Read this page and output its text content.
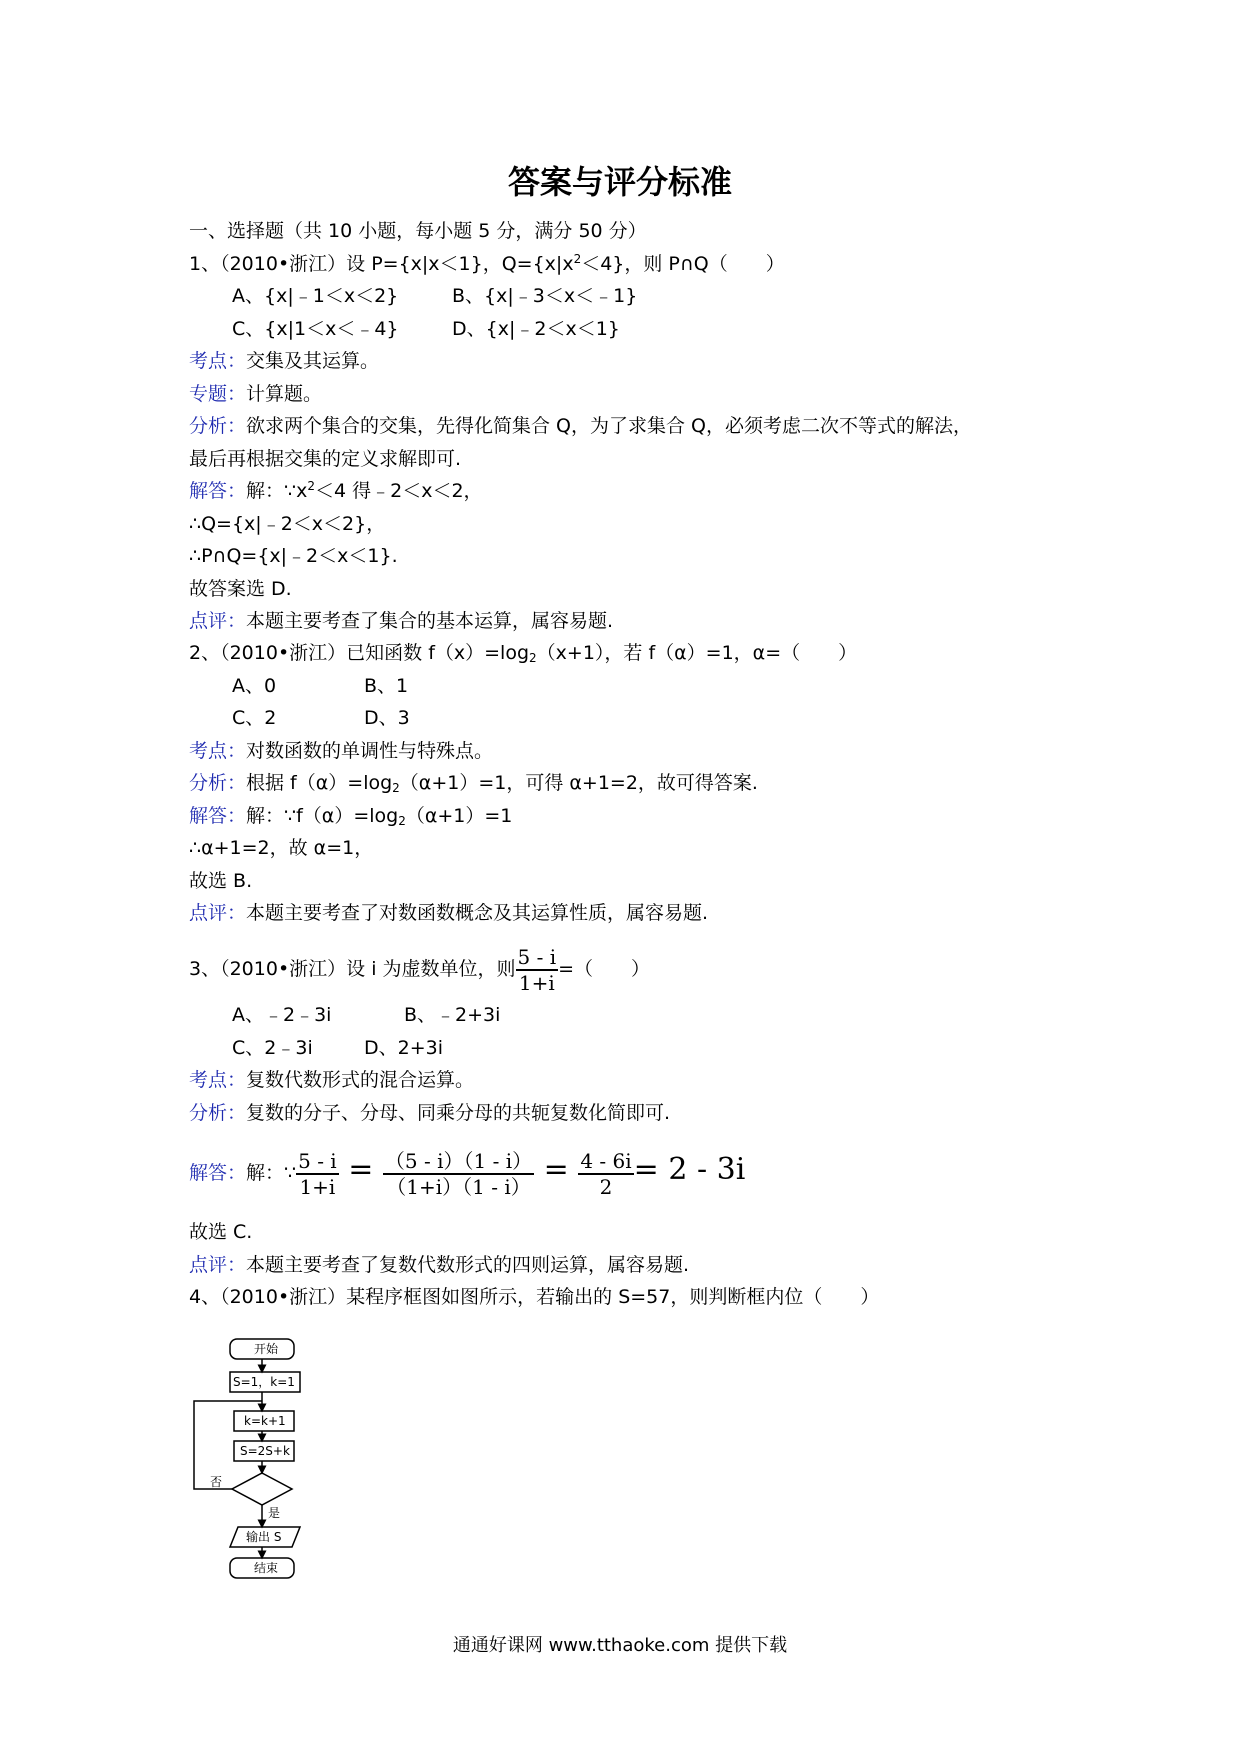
答案与评分标准
一、选择题（共 10 小题，每小题 5 分，满分 50 分）
1、（2010•浙江）设 P={x|x＜1}，$Q=\{x|x^2<4\}$，则 P∩Q（　　）
A、{x|﹣1＜x＜2}	B、{x|﹣3＜x＜﹣1}
C、{x|1＜x＜﹣4}	D、{x|﹣2＜x＜1}
考点：交集及其运算。
专题：计算题。
分析：欲求两个集合的交集，先得化简集合 Q，为了求集合 Q，必须考虑二次不等式的解法，
最后再根据交集的定义求解即可.
解答：解：$\because x^2<4$ 得﹣2＜x＜2，
∴Q={x|﹣2＜x＜2}，
∴P∩Q={x|﹣2＜x＜1}.
故答案选 D.
点评：本题主要考查了集合的基本运算，属容易题.
2、（2010•浙江）已知函数 $f(x)=\log_2(x+1)$，若 f（α）=1，α=（　　）
A、0	B、1
C、2	D、3
考点：对数函数的单调性与特殊点。
分析：根据 $f(\alpha)=\log_2(\alpha+1)=1$，可得 α+1=2，故可得答案.
解答：解：$\because f(\alpha)=\log_2(\alpha+1)=1$
∴α+1=2，故 α=1，
故选 B.
点评：本题主要考查了对数函数概念及其运算性质，属容易题.
3、（2010•浙江）设 i 为虚数单位，则 $\frac{5 - i}{1+i}$ =（　　）
A、﹣2﹣3i	B、﹣2+3i
C、2﹣3i	D、2+3i
考点：复数代数形式的混合运算。
分析：复数的分子、分母、同乘分母的共轭复数化简即可.
解答：解：∵ $\frac{5 - i}{1+i} = \frac{(5 - i)(1 - i)}{(1+i)(1 - i)} = \frac{4 - 6i}{2} = 2 - 3i$
故选 C.
点评：本题主要考查了复数代数形式的四则运算，属容易题.
4、（2010•浙江）某程序框图如图所示，若输出的 S=57，则判断框内位（　　）
开始
S=1，k=1
k=k+1
S=2S+k
否
是
输出 S
结束
通通好课网 www.tthaoke.com 提供下载
